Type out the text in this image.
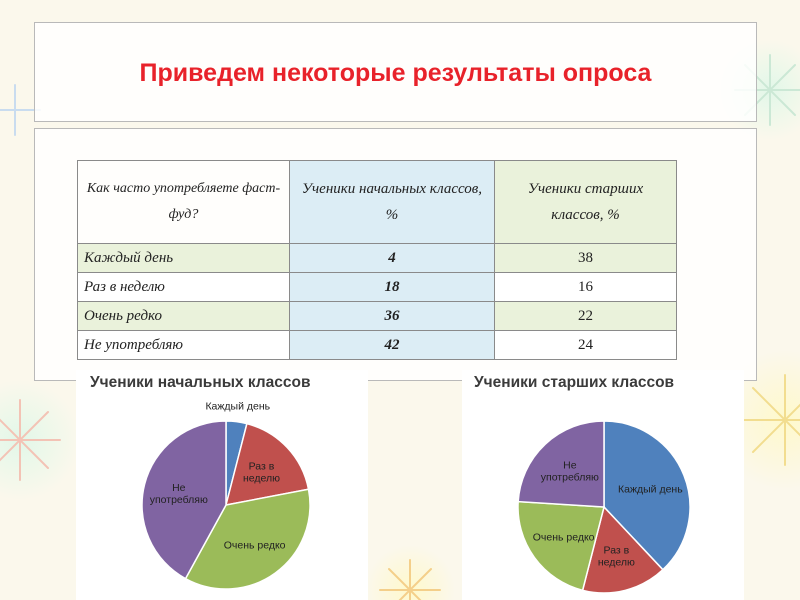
Приведем некоторые результаты опроса
Как часто употребляете фаст-фуд?	Ученики начальных классов, %	Ученики старших классов, %
Каждый день	4	38
Раз в неделю	18	16
Очень редко	36	22
Не употребляю	42	24
Ученики начальных классов
Каждый день
Раз в неделю
Очень редко
Не употребляю
Ученики старших классов
Каждый день
Раз в неделю
Очень редко
Не употребляю
